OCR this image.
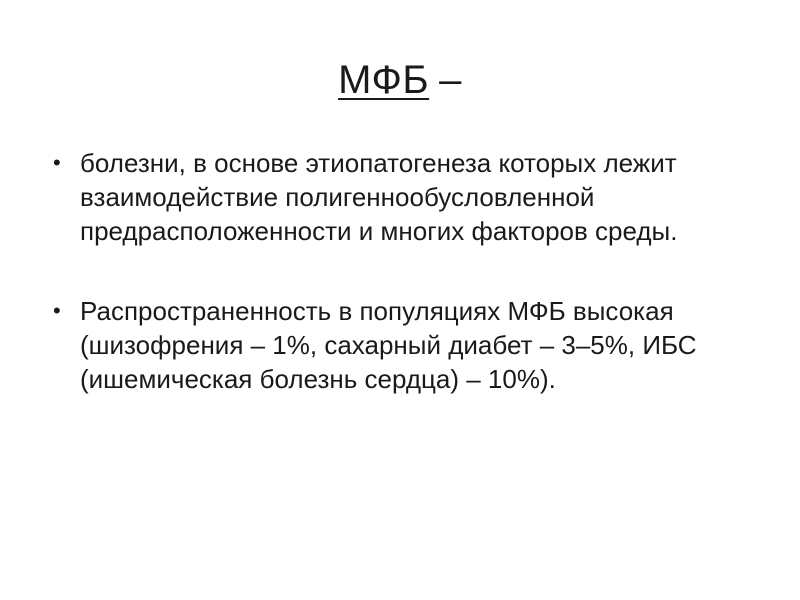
МФБ –
• болезни, в основе этиопатогенеза которых лежит взаимодействие полигеннообусловленной предрасположенности и многих факторов среды.
• Распространенность в популяциях МФБ высокая (шизофрения – 1%, сахарный диабет – 3–5%, ИБС (ишемическая болезнь сердца) – 10%).
